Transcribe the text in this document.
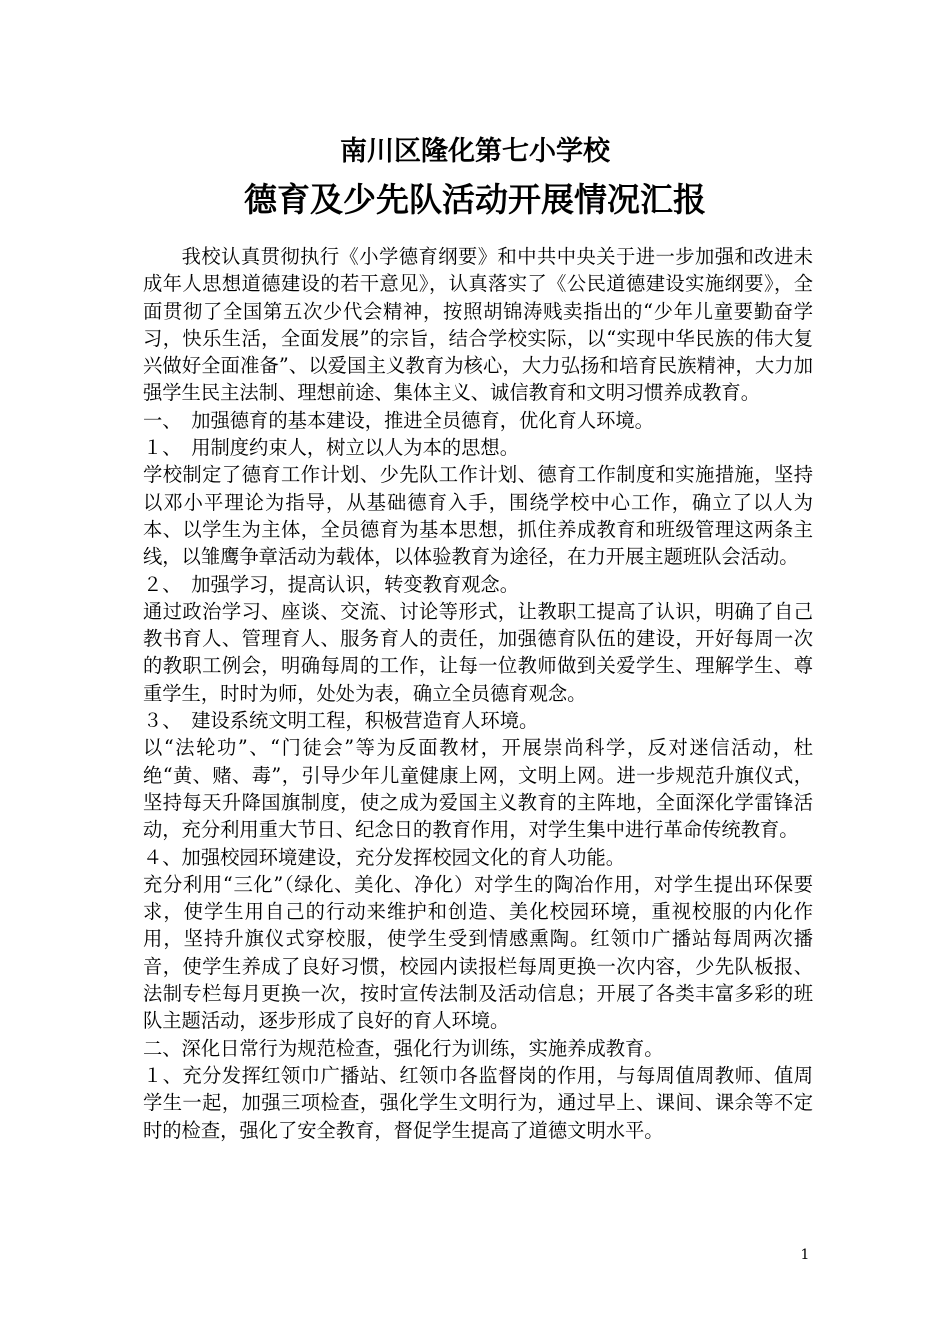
南川区隆化第七小学校
德育及少先队活动开展情况汇报

我校认真贯彻执行《小学德育纲要》和中共中央关于进一步加强和改进未成年人思想道德建设的若干意见》，认真落实了《公民道德建设实施纲要》，全面贯彻了全国第五次少代会精神，按照胡锦涛贱卖指出的“少年儿童要勤奋学习，快乐生活，全面发展”的宗旨，结合学校实际，以“实现中华民族的伟大复兴做好全面准备”、以爱国主义教育为核心，大力弘扬和培育民族精神，大力加强学生民主法制、理想前途、集体主义、诚信教育和文明习惯养成教育。

一、　加强德育的基本建设，推进全员德育，优化育人环境。

１、　用制度约束人，树立以人为本的思想。

学校制定了德育工作计划、少先队工作计划、德育工作制度和实施措施，坚持以邓小平理论为指导，从基础德育入手，围绕学校中心工作，确立了以人为本、以学生为主体，全员德育为基本思想，抓住养成教育和班级管理这两条主线，以雏鹰争章活动为载体，以体验教育为途径，在力开展主题班队会活动。

２、　加强学习，提高认识，转变教育观念。

通过政治学习、座谈、交流、讨论等形式，让教职工提高了认识，明确了自己教书育人、管理育人、服务育人的责任，加强德育队伍的建设，开好每周一次的教职工例会，明确每周的工作，让每一位教师做到关爱学生、理解学生、尊重学生，时时为师，处处为表，确立全员德育观念。

３、　建设系统文明工程，积极营造育人环境。

以“法轮功”、“门徒会”等为反面教材，开展崇尚科学，反对迷信活动，杜绝“黄、赌、毒”，引导少年儿童健康上网，文明上网。进一步规范升旗仪式，坚持每天升降国旗制度，使之成为爱国主义教育的主阵地，全面深化学雷锋活动，充分利用重大节日、纪念日的教育作用，对学生集中进行革命传统教育。

４、加强校园环境建设，充分发挥校园文化的育人功能。

充分利用“三化”（绿化、美化、净化）对学生的陶冶作用，对学生提出环保要求，使学生用自己的行动来维护和创造、美化校园环境，重视校服的内化作用，坚持升旗仪式穿校服，使学生受到情感熏陶。红领巾广播站每周两次播音，使学生养成了良好习惯，校园内读报栏每周更换一次内容，少先队板报、法制专栏每月更换一次，按时宣传法制及活动信息；开展了各类丰富多彩的班队主题活动，逐步形成了良好的育人环境。

二、深化日常行为规范检查，强化行为训练，实施养成教育。

１、充分发挥红领巾广播站、红领巾各监督岗的作用，与每周值周教师、值周学生一起，加强三项检查，强化学生文明行为，通过早上、课间、课余等不定时的检查，强化了安全教育，督促学生提高了道德文明水平。

1
